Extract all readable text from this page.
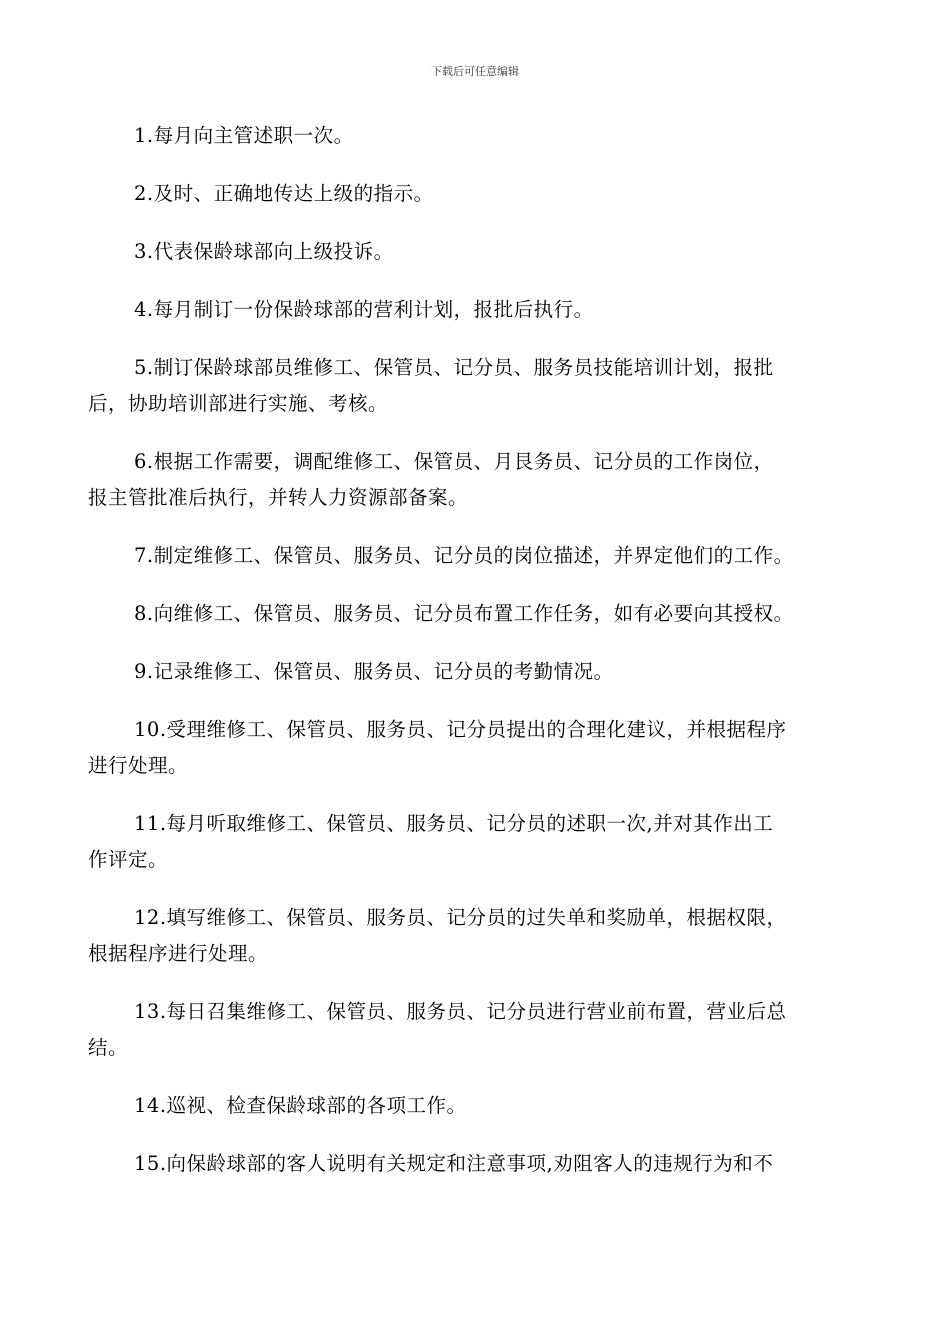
下载后可任意编辑

1.每月向主管述职一次。

2.及时、正确地传达上级的指示。

3.代表保龄球部向上级投诉。

4.每月制订一份保龄球部的营利计划，报批后执行。

5.制订保龄球部员维修工、保管员、记分员、服务员技能培训计划，报批
后，协助培训部进行实施、考核。

6.根据工作需要，调配维修工、保管员、月艮务员、记分员的工作岗位，
报主管批准后执行，并转人力资源部备案。

7.制定维修工、保管员、服务员、记分员的岗位描述，并界定他们的工作。

8.向维修工、保管员、服务员、记分员布置工作任务，如有必要向其授权。

9.记录维修工、保管员、服务员、记分员的考勤情况。

10.受理维修工、保管员、服务员、记分员提出的合理化建议，并根据程序
进行处理。

11.每月听取维修工、保管员、服务员、记分员的述职一次,并对其作出工
作评定。

12.填写维修工、保管员、服务员、记分员的过失单和奖励单，根据权限，
根据程序进行处理。

13.每日召集维修工、保管员、服务员、记分员进行营业前布置，营业后总
结。

14.巡视、检查保龄球部的各项工作。

15.向保龄球部的客人说明有关规定和注意事项,劝阻客人的违规行为和不
